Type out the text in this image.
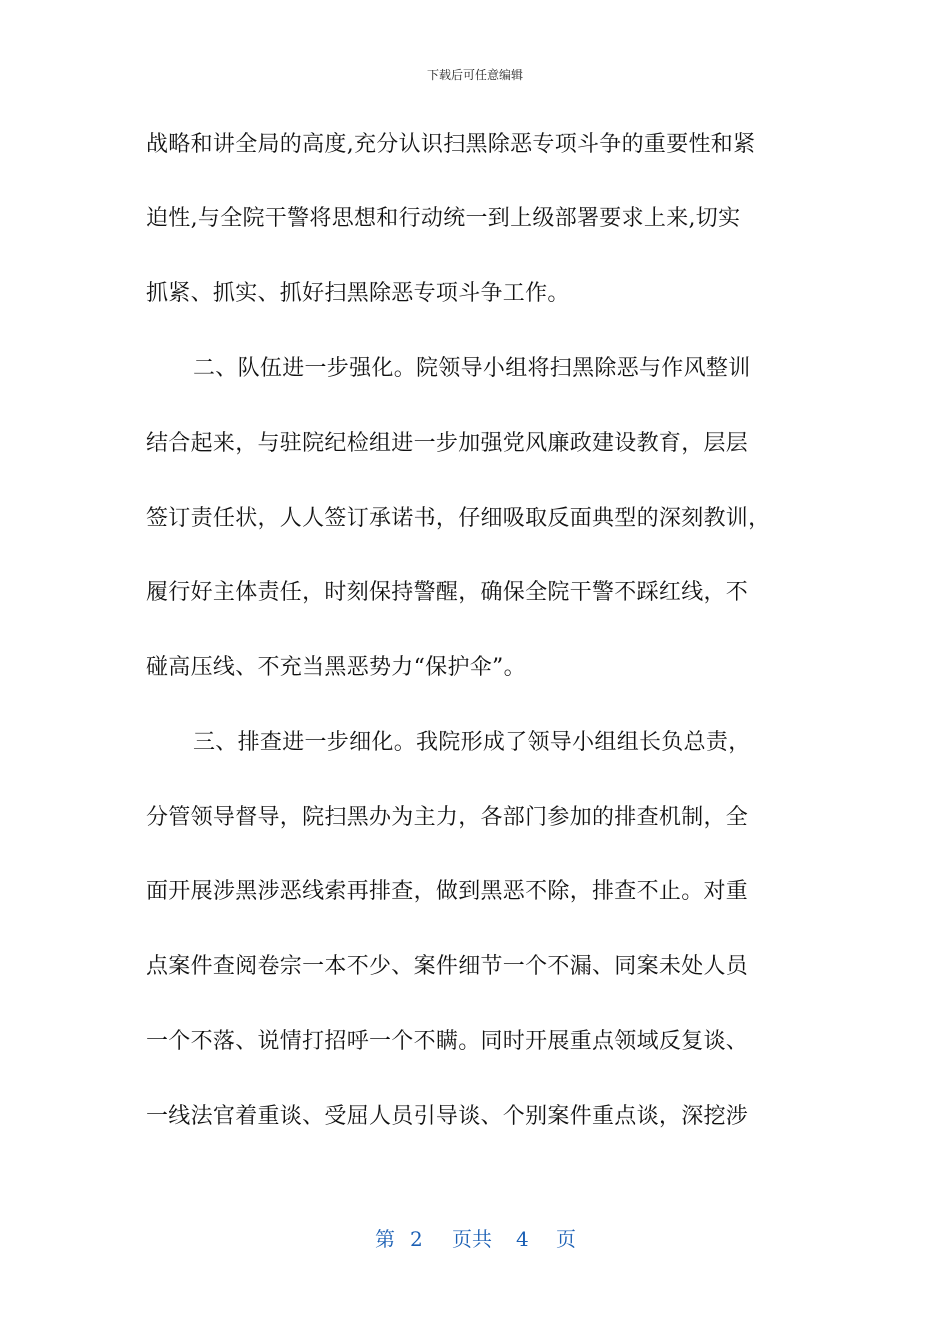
下载后可任意编辑
战略和讲全局的高度,充分认识扫黑除恶专项斗争的重要性和紧
迫性,与全院干警将思想和行动统一到上级部署要求上来,切实
抓紧、抓实、抓好扫黑除恶专项斗争工作。
二、队伍进一步强化。院领导小组将扫黑除恶与作风整训
结合起来，与驻院纪检组进一步加强党风廉政建设教育，层层
签订责任状，人人签订承诺书，仔细吸取反面典型的深刻教训，
履行好主体责任，时刻保持警醒，确保全院干警不踩红线，不
碰高压线、不充当黑恶势力“保护伞”。
三、排查进一步细化。我院形成了领导小组组长负总责，
分管领导督导，院扫黑办为主力，各部门参加的排查机制，全
面开展涉黑涉恶线索再排查，做到黑恶不除，排查不止。对重
点案件查阅卷宗一本不少、案件细节一个不漏、同案未处人员
一个不落、说情打招呼一个不瞒。同时开展重点领域反复谈、
一线法官着重谈、受屈人员引导谈、个别案件重点谈，深挖涉
第 2 页共 4 页
